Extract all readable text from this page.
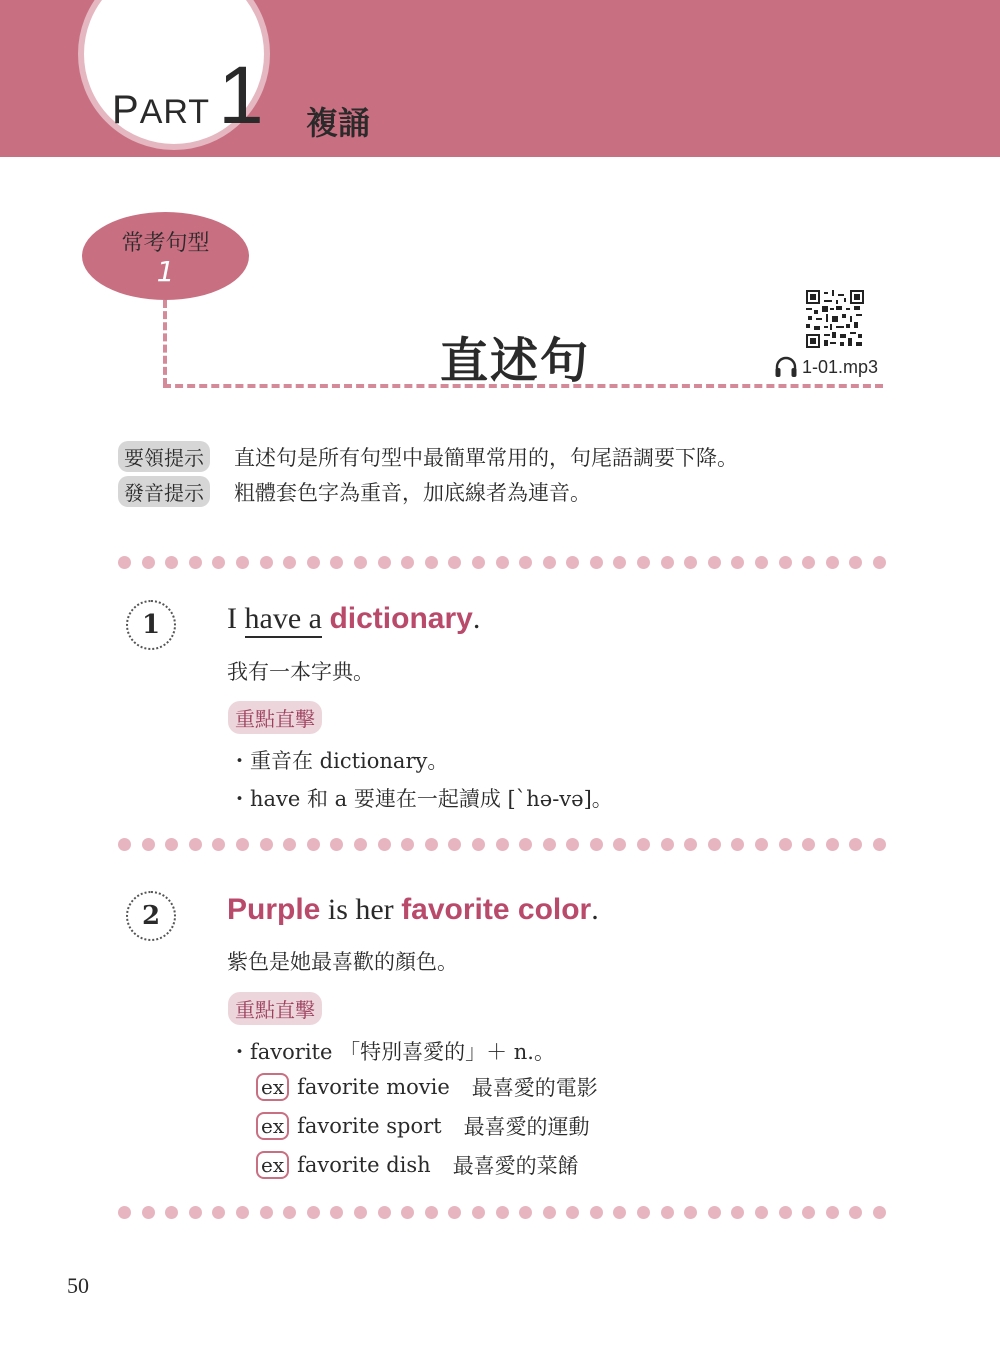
PART 1 複誦
常考句型
1
直述句	1-01.mp3
要領提示 直述句是所有句型中最簡單常用的，句尾語調要下降。
發音提示 粗體套色字為重音，加底線者為連音。
1	I have a dictionary.
我有一本字典。
重點直擊
・重音在 dictionary。
・have 和 a 要連在一起讀成 [ˋhə-və]。
2	Purple is her favorite color.
紫色是她最喜歡的顏色。
重點直擊
・favorite 「特別喜愛的」＋ n.。
ex favorite movie 最喜愛的電影
ex favorite sport 最喜愛的運動
ex favorite dish 最喜愛的菜餚
50
